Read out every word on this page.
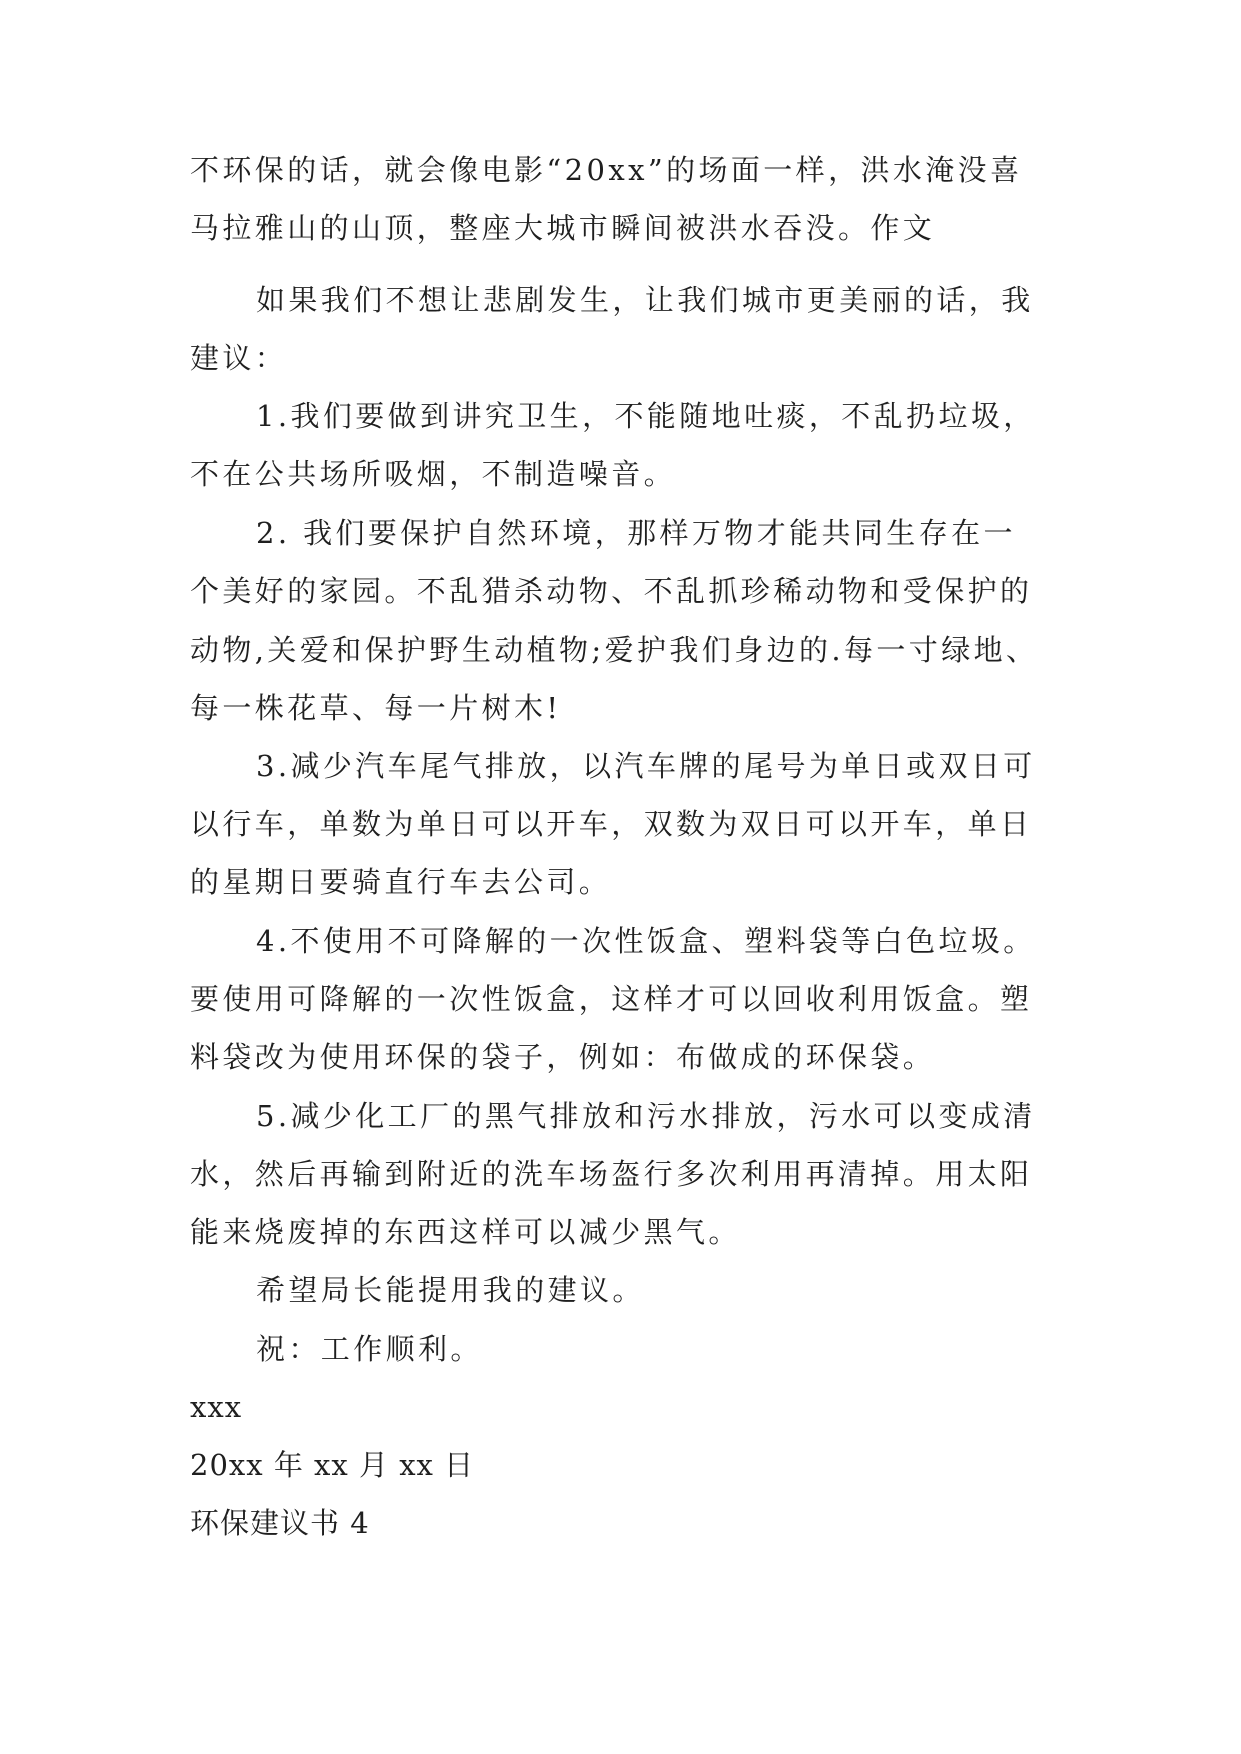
不环保的话，就会像电影“20xx”的场面一样，洪水淹没喜

马拉雅山的山顶，整座大城市瞬间被洪水吞没。作文

如果我们不想让悲剧发生，让我们城市更美丽的话，我

建议：

1.我们要做到讲究卫生，不能随地吐痰，不乱扔垃圾，

不在公共场所吸烟，不制造噪音。

2. 我们要保护自然环境，那样万物才能共同生存在一

个美好的家园。不乱猎杀动物、不乱抓珍稀动物和受保护的

动物,关爱和保护野生动植物;爱护我们身边的.每一寸绿地、

每一株花草、每一片树木!

3.减少汽车尾气排放，以汽车牌的尾号为单日或双日可

以行车，单数为单日可以开车，双数为双日可以开车，单日

的星期日要骑直行车去公司。

4.不使用不可降解的一次性饭盒、塑料袋等白色垃圾。

要使用可降解的一次性饭盒，这样才可以回收利用饭盒。塑

料袋改为使用环保的袋子，例如：布做成的环保袋。

5.减少化工厂的黑气排放和污水排放，污水可以变成清

水，然后再输到附近的洗车场盔行多次利用再清掉。用太阳

能来烧废掉的东西这样可以减少黑气。

希望局长能提用我的建议。

祝：工作顺利。

xxx

20xx 年 xx 月 xx 日

环保建议书 4
